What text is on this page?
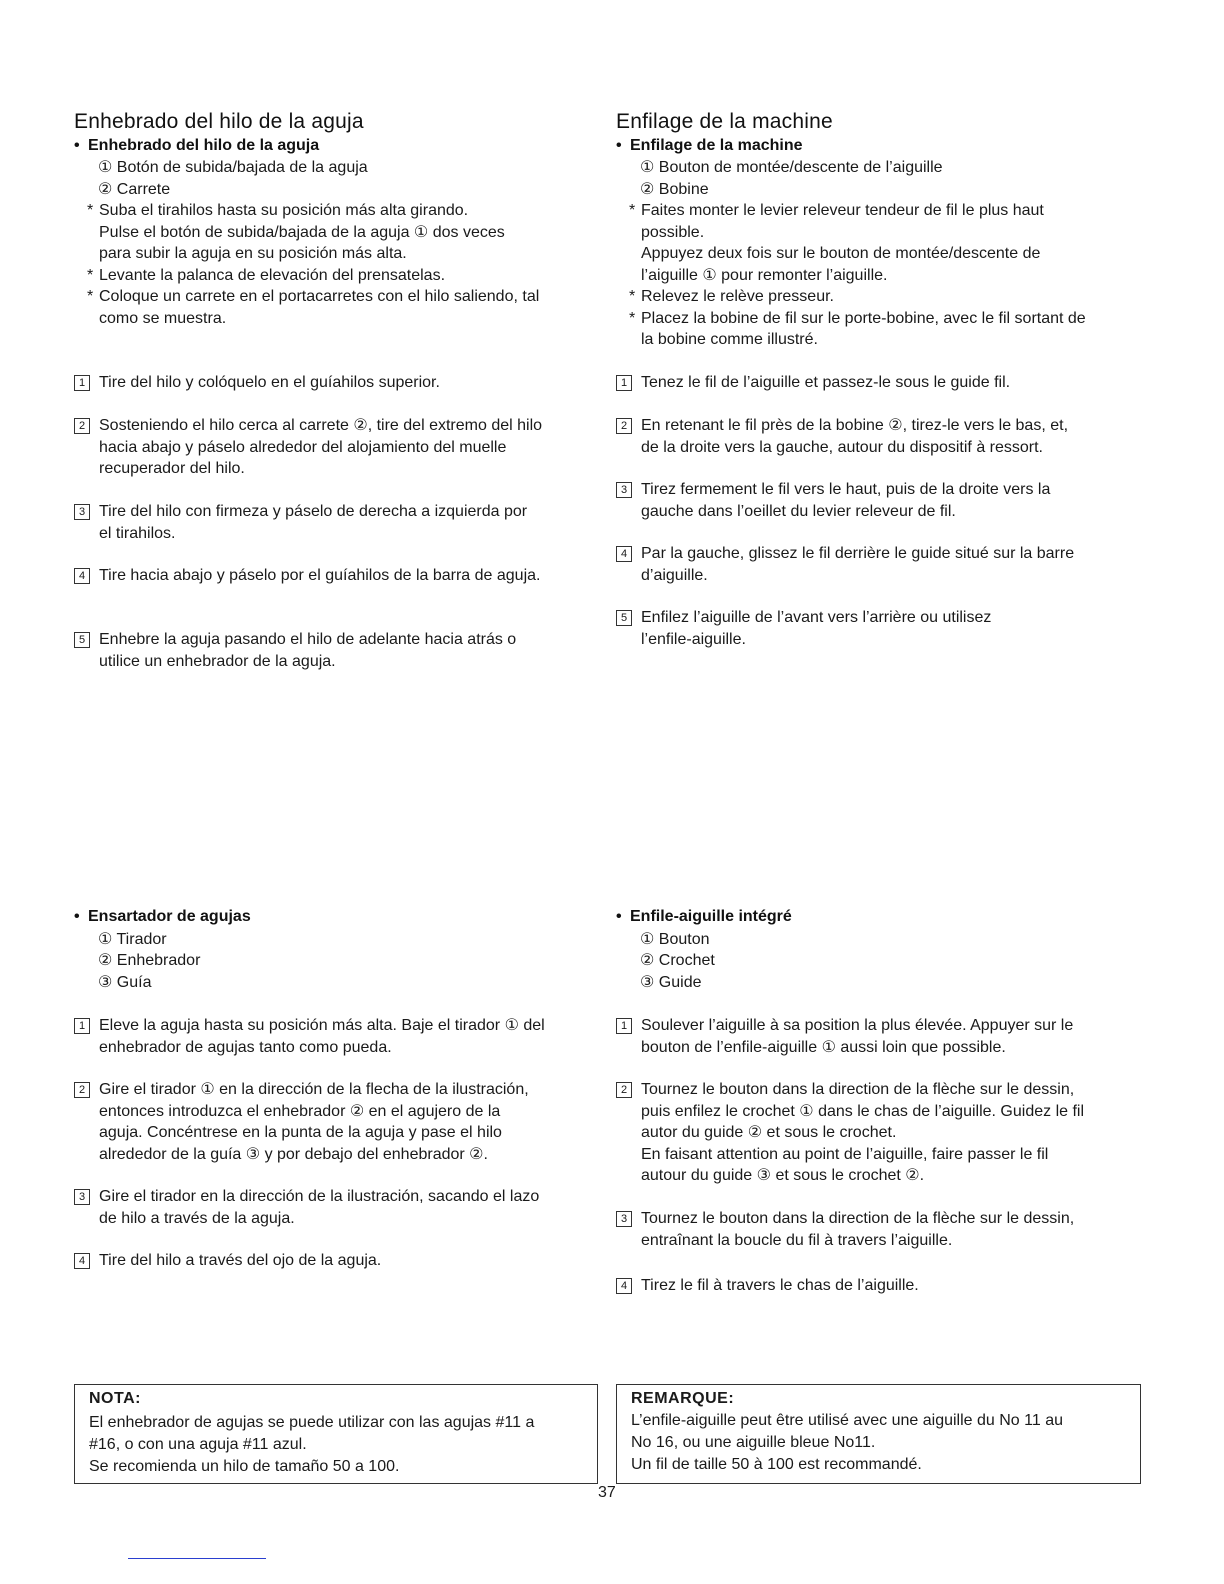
Enhebrado del hilo de la aguja
• Enhebrado del hilo de la aguja
① Botón de subida/bajada de la aguja
② Carrete
* Suba el tirahilos hasta su posición más alta girando.
Pulse el botón de subida/bajada de la aguja ① dos veces
para subir la aguja en su posición más alta.
* Levante la palanca de elevación del prensatelas.
* Coloque un carrete en el portacarretes con el hilo saliendo, tal
como se muestra.
1 Tire del hilo y colóquelo en el guíahilos superior.
2 Sosteniendo el hilo cerca al carrete ②, tire del extremo del hilo
hacia abajo y páselo alrededor del alojamiento del muelle
recuperador del hilo.
3 Tire del hilo con firmeza y páselo de derecha a izquierda por
el tirahilos.
4 Tire hacia abajo y páselo por el guíahilos de la barra de aguja.
5 Enhebre la aguja pasando el hilo de adelante hacia atrás o
utilice un enhebrador de la aguja.
• Ensartador de agujas
① Tirador
② Enhebrador
③ Guía
1 Eleve la aguja hasta su posición más alta. Baje el tirador ① del
enhebrador de agujas tanto como pueda.
2 Gire el tirador ① en la dirección de la flecha de la ilustración,
entonces introduzca el enhebrador ② en el agujero de la
aguja. Concéntrese en la punta de la aguja y pase el hilo
alrededor de la guía ③ y por debajo del enhebrador ②.
3 Gire el tirador en la dirección de la ilustración, sacando el lazo
de hilo a través de la aguja.
4 Tire del hilo a través del ojo de la aguja.
Enfilage de la machine
• Enfilage de la machine
① Bouton de montée/descente de l’aiguille
② Bobine
* Faites monter le levier releveur tendeur de fil le plus haut
possible.
Appuyez deux fois sur le bouton de montée/descente de
l’aiguille ① pour remonter l’aiguille.
* Relevez le relève presseur.
* Placez la bobine de fil sur le porte-bobine, avec le fil sortant de
la bobine comme illustré.
1 Tenez le fil de l’aiguille et passez-le sous le guide fil.
2 En retenant le fil près de la bobine ②, tirez-le vers le bas, et,
de la droite vers la gauche, autour du dispositif à ressort.
3 Tirez fermement le fil vers le haut, puis de la droite vers la
gauche dans l’oeillet du levier releveur de fil.
4 Par la gauche, glissez le fil derrière le guide situé sur la barre
d’aiguille.
5 Enfilez l’aiguille de l’avant vers l’arrière ou utilisez
l’enfile-aiguille.
• Enfile-aiguille intégré
① Bouton
② Crochet
③ Guide
1 Soulever l’aiguille à sa position la plus élevée. Appuyer sur le
bouton de l’enfile-aiguille ① aussi loin que possible.
2 Tournez le bouton dans la direction de la flèche sur le dessin,
puis enfilez le crochet ① dans le chas de l’aiguille. Guidez le fil
autor du guide ② et sous le crochet.
En faisant attention au point de l’aiguille, faire passer le fil
autour du guide ③ et sous le crochet ②.
3 Tournez le bouton dans la direction de la flèche sur le dessin,
entraînant la boucle du fil à travers l’aiguille.
4 Tirez le fil à travers le chas de l’aiguille.
NOTA:
El enhebrador de agujas se puede utilizar con las agujas #11 a
#16, o con una aguja #11 azul.
Se recomienda un hilo de tamaño 50 a 100.
REMARQUE:
L’enfile-aiguille peut être utilisé avec une aiguille du No 11 au
No 16, ou une aiguille bleue No11.
Un fil de taille 50 à 100 est recommandé.
37
